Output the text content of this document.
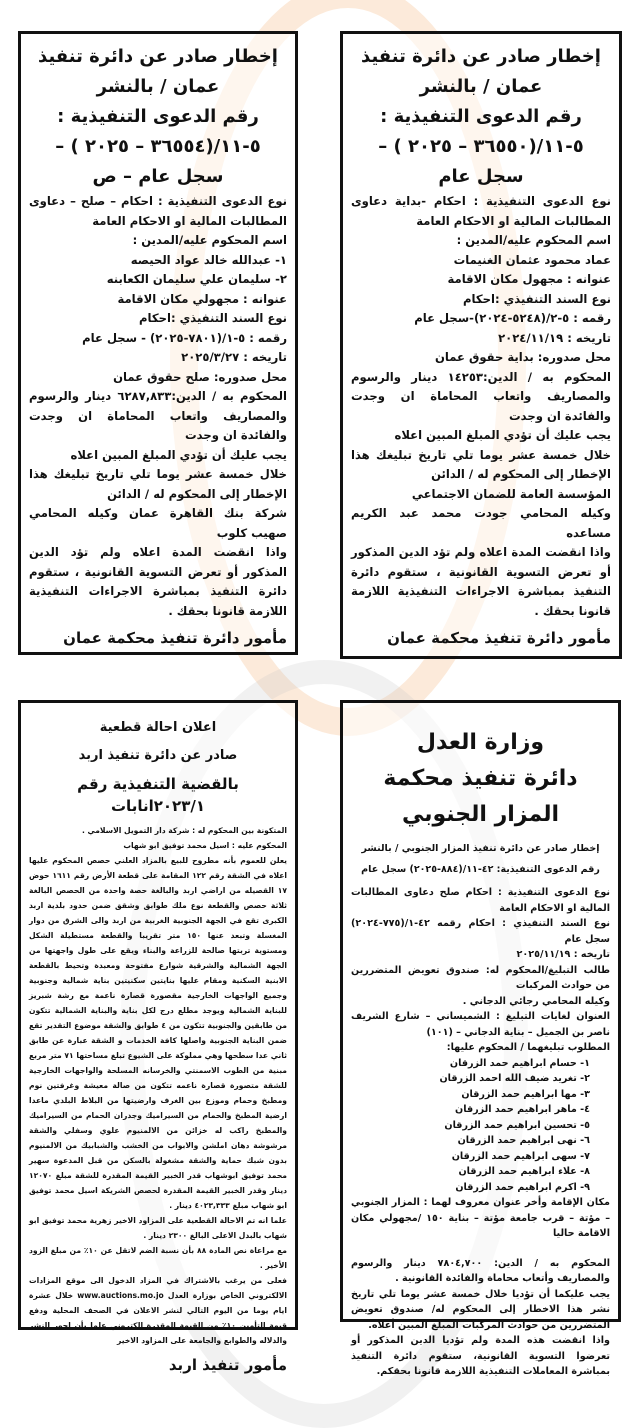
إخطار صادر عن دائرة تنفيذ

عمان / بالنشر

رقم الدعوى التنفيذية :

٥-١١/(٣٦٥٥٠ – ٢٠٢٥ ) –

سجل عام

نوع الدعوى التنفيذية : احكام -بداية دعاوى المطالبات المالية او الاحكام العامة

اسم المحكوم عليه/المدين :

عماد محمود عثمان الغنيمات

عنوانه : مجهول مكان الاقامة

نوع السند التنفيذي :احكام

رقمه : ٥-٢/(٥٢٤٨-٢٠٢٤)-سجل عام

تاريخه : ٢٠٢٤/١١/١٩

محل صدوره: بداية حقوق عمان

المحكوم به / الدين:١٤٢٥٣ دينار والرسوم والمصاريف واتعاب المحاماة ان وجدت والفائدة ان وجدت

يجب عليك أن تؤدي المبلغ المبين اعلاه

خلال خمسة عشر يوما تلي تاريخ تبليغك هذا الإخطار إلى المحكوم له / الدائن

المؤسسة العامة للضمان الاجتماعي

وكيله المحامي جودت محمد عبد الكريم مساعده

واذا انقضت المدة اعلاه ولم تؤد الدين المذكور أو تعرض التسوية القانونية ، ستقوم دائرة التنفيذ بمباشرة الاجراءات التنفيذية اللازمة قانونا بحقك .

مأمور دائرة تنفيذ محكمة عمان

إخطار صادر عن دائرة تنفيذ

عمان / بالنشر

رقم الدعوى التنفيذية :

٥-١١/(٣٦٥٥٤ – ٢٠٢٥ ) –

سجل عام – ص

نوع الدعوى التنفيذية : احكام – صلح – دعاوى المطالبات المالية او الاحكام العامة

اسم المحكوم عليه/المدين :

١- عبدالله خالد عواد الحيصه

٢- سليمان علي سليمان الكعابنه

عنوانه : مجهولي مكان الاقامة

نوع السند التنفيذي :احكام

رقمه : ٥-١/(٧٨٠١-٢٠٢٥) - سجل عام

تاريخه : ٢٠٢٥/٣/٢٧

محل صدوره: صلح حقوق عمان

المحكوم به / الدين:٦٢٨٧,٨٣٣ دينار والرسوم والمصاريف واتعاب المحاماة ان وجدت والفائدة ان وجدت

يجب عليك أن تؤدي المبلغ المبين اعلاه

خلال خمسة عشر يوما تلي تاريخ تبليغك هذا الإخطار إلى المحكوم له / الدائن

شركة بنك القاهرة عمان وكيله المحامي صهيب كلوب

واذا انقضت المدة اعلاه ولم تؤد الدين المذكور أو تعرض التسوية القانونية ، ستقوم دائرة التنفيذ بمباشرة الاجراءات التنفيذية اللازمة قانونا بحقك .

مأمور دائرة تنفيذ محكمة عمان

وزارة العدل

دائرة تنفيذ محكمة

المزار الجنوبي

إخطار صادر عن دائرة تنفيذ المزار الجنوبي / بالنشر

رقم الدعوى التنفيذية: ٤٢-١١/(٨٨٤-٢٠٢٥) سجل عام

نوع الدعوى التنفيذية : احكام صلح دعاوى المطالبات المالية او الاحكام العامة

نوع السند التنفيذي : احكام رقمه ٤٢-١/(٧٧٥-٢٠٢٤) سجل عام

تاريخه : ٢٠٢٥/١١/١٩

طالب التبليغ/المحكوم له: صندوق تعويض المتضررين من حوادث المركبات

وكيله المحامي رجائي الدجاني .

العنوان لغايات التبليغ : الشميساني – شارع الشريف ناصر بن الجميل – بناية الدجاني – (١٠١)

المطلوب تبليغهما / المحكوم عليها:

١- حسام ابراهيم حمد الزرقان

٢- تغريد ضيف الله احمد الزرقان

٣- مها ابراهيم حمد الزرقان

٤- ماهر ابراهيم حمد الزرقان

٥- تحسين ابراهيم حمد الزرقان

٦- نهى ابراهيم حمد الزرقان

٧- سهى ابراهيم حمد الزرقان

٨- علاء ابراهيم حمد الزرقان

٩- اكرم ابراهيم حمد الزرقان

مكان الإقامة وأخر عنوان معروف لهما : المزار الجنوبي – مؤتة – قرب جامعة مؤتة – بناية ١٥٠ /مجهولي مكان الاقامة حاليا

المحكوم به / الدين: ٧٨٠٤,٧٠٠ دينار والرسوم والمصاريف وأتعاب محاماة والفائدة القانونية .

يجب عليكما أن تؤديا خلال خمسة عشر يوما تلي تاريخ نشر هذا الاخطار إلى المحكوم له/ صندوق تعويض المتضررين من حوادث المركبات المبلغ المبين أعلاه.

واذا انقضت هذه المدة ولم تؤديا الدين المذكور أو تعرضوا التسوية القانونية، ستقوم دائرة التنفيذ بمباشرة المعاملات التنفيذية اللازمة قانونا بحقكم.

اعلان احالة قطعية

صادر عن دائرة تنفيذ اربد

بالقضية التنفيذية رقم ٢٠٢٣/١انابات

المتكونة بين المحكوم له : شركة دار التمويل الاسلامي .

المحكوم عليه : اسيل محمد توفيق ابو شهاب

يعلن للعموم بأنه مطروح للبيع بالمزاد العلني حصص المحكوم عليها اعلاه في الشقة رقم ١٢٢ المقامة على قطعة الأرض رقم ١٦١١ حوض ١٧ القصيله من اراضي اربد والبالغة حصة واحدة من الحصص البالغة ثلاثة حصص والقطعة نوع ملك طوابق وشقق ضمن حدود بلدية اربد الكبرى تقع في الجهة الجنوبية الغربية من اربد والى الشرق من دوار المغسلة وتبعد عنها ١٥٠ متر تقريبا والقطعة مستطيلة الشكل ومستوية تربتها صالحة للزراعة والبناء ويقع على طول واجهتها من الجهة الشمالية والشرقية شوارع مفتوحة ومعبدة وتحيط بالقطعة الابنية السكنية ومقام عليها بنايتين سكنيتين بناية شمالية وجنوبية وجميع الواجهات الخارجية مقصورة قصارة ناعمة مع رشة شبريز للبناية الشمالية ويوجد مطلع درج لكل بناية والبناية الشمالية تتكون من طابقين والجنوبية تتكون من ٤ طوابق والشقة موضوع التقدير تقع ضمن البناية الجنوبية واصلها كافة الخدمات و الشقة عبارة عن طابق ثاني عدا سطحها وهي مملوكة على الشيوع تبلغ مساحتها ٧١ متر مربع مبنية من الطوب الاسمنتي والخرسانه المسلحة والواجهات الخارجية للشقة متصورة قصارة ناعمه تتكون من صالة معيشة وغرفتين نوم ومطبخ وحمام وموزع بين الغرف وارضيتها من البلاط البلدي ماعدا ارضية المطبخ والحمام من السيراميك وجدران الحمام من السيراميك والمطبخ راكب له خزائن من الالمنيوم علوي وسفلي والشقة مرشوشة دهان املشن والابواب من الخشب والشبابيك من الالمنيوم بدون شبك حماية والشقة مشغولة بالسكن من قبل المدعوة سهير محمد توفيق ابوشهاب قدر الخبير القيمة المقدرة للشقة مبلغ ١٢٠٧٠ دينار وقدر الخبير القيمة المقدرة لحصص الشريكة اسيل محمد توفيق ابو شهاب مبلغ ٤٠٢٣,٣٣٣ دينار .

علما انه تم الاحالة القطعية على المزاود الاخير زهرية محمد توفيق ابو شهاب بالبدل الاعلى البالغ ٢٣٠٠ دينار .

مع مراعاة نص المادة ٨٨ بأن نسبة الضم لاتقل عن ١٠٪ من مبلغ الزود الأخير .

فعلى من يرغب بالاشتراك في المزاد الدخول الى موقع المزادات الالكتروني الخاص بوزارة العدل www.auctions.mo.jo خلال عشرة ايام يوما من اليوم التالي لنشر الاعلان في الصحف المحلية ودفع قيمة التأمين ١٠٪ من القيمة المقدرة الكتروني علما بأن اجور النشر والدلاله والطوابع والجامعة على المزاود الاخير

مأمور تنفيذ اربد
